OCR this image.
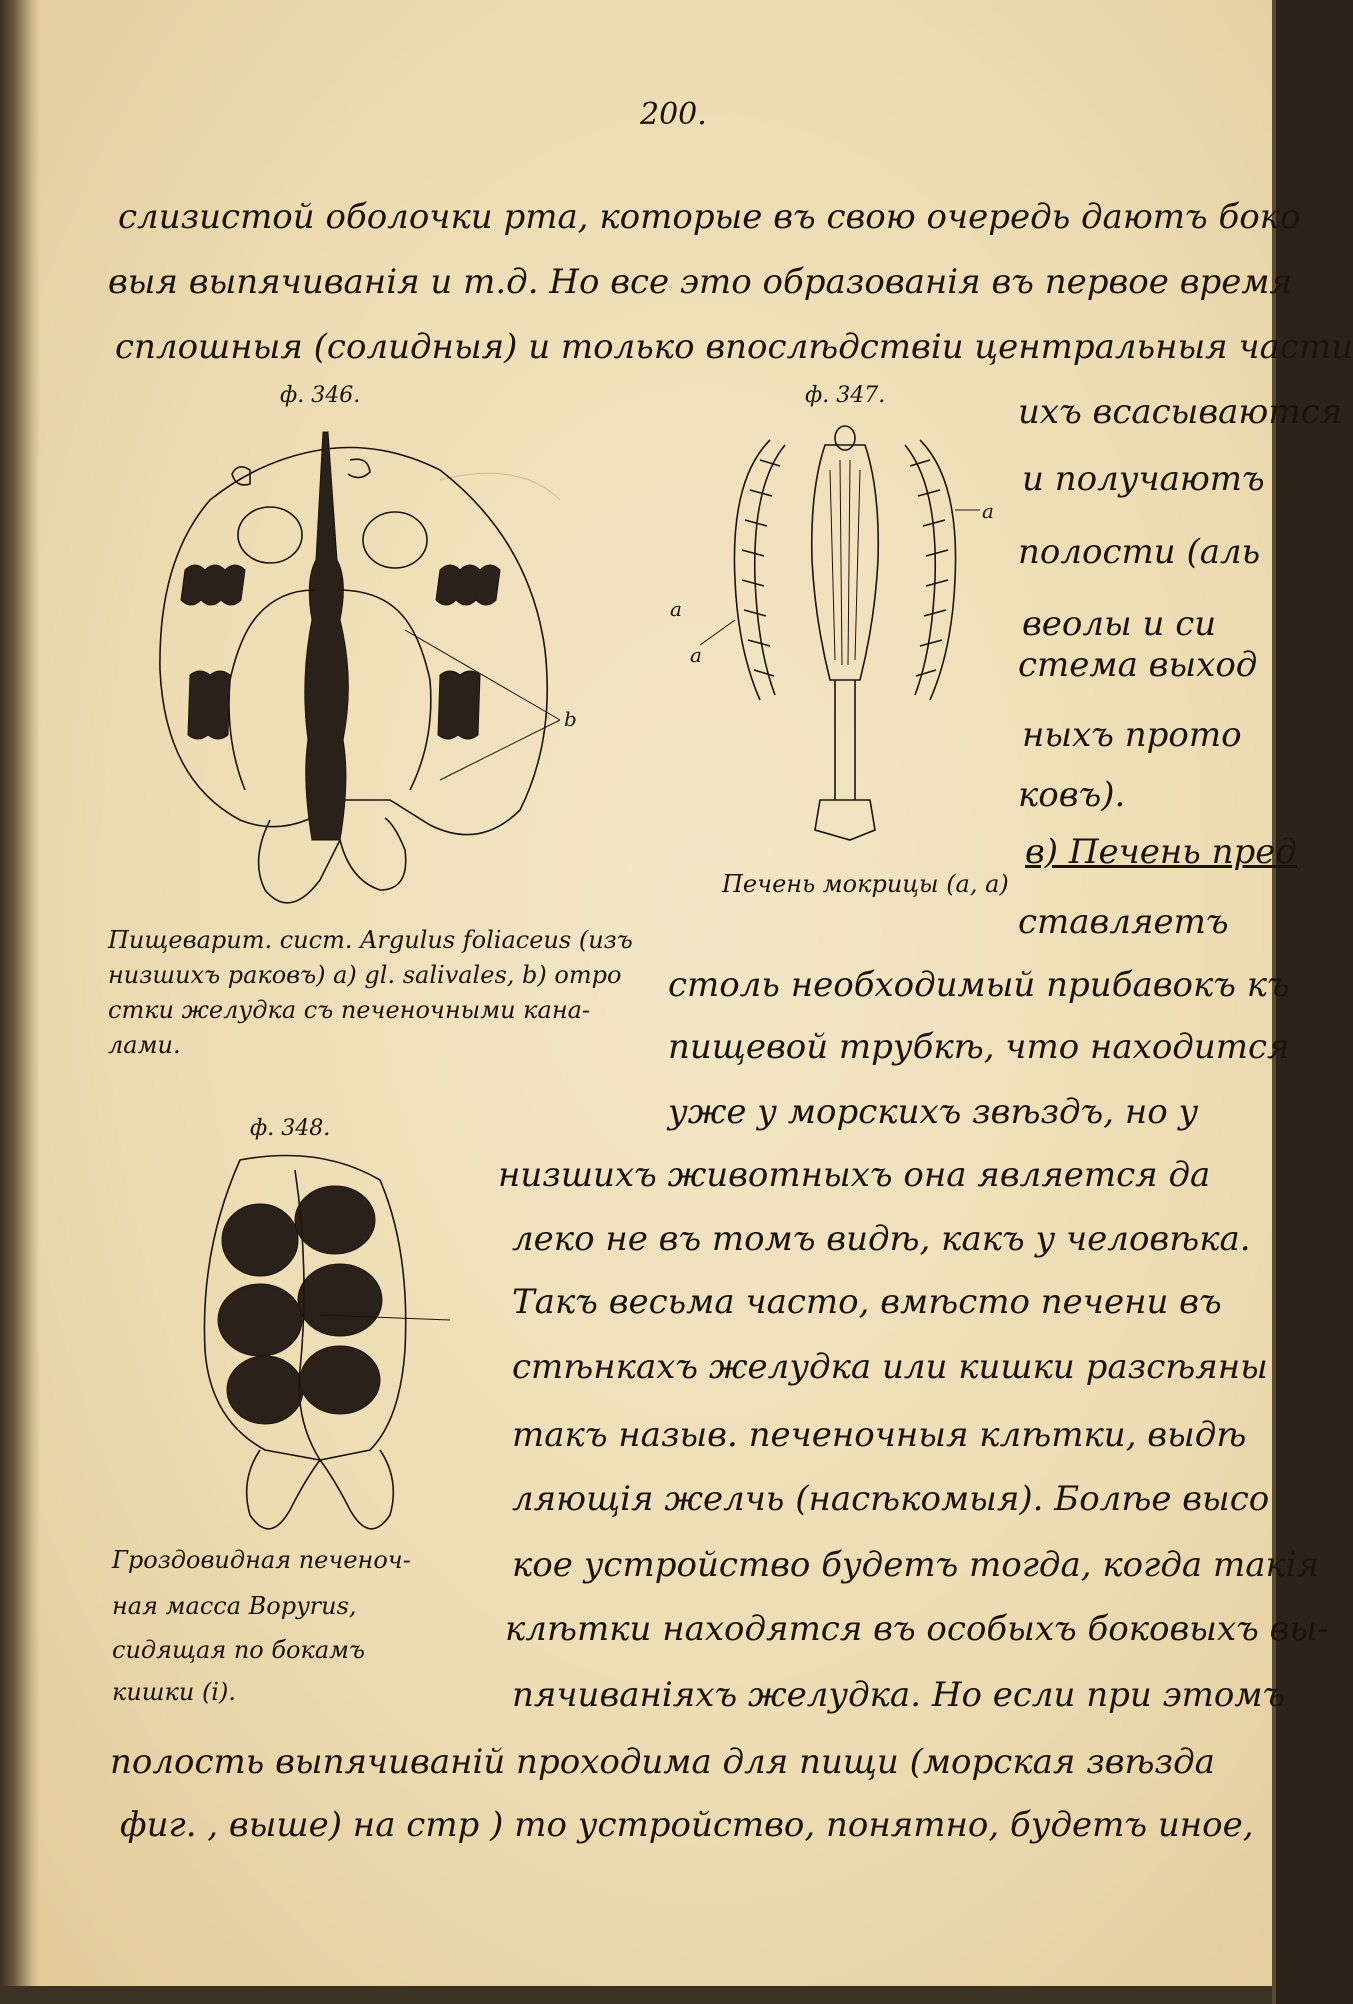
200.
слизистой оболочки рта, которые въ свою очередь даютъ боко
выя выпячиванiя и т.д. Но все это образованiя въ первое время
сплошныя (солидныя) и только впослѣдствiи центральныя части
ф. 346.	ф. 347.	ихъ всасываются
и получаютъ
полости (аль
веолы и си
стема выход
ныхъ прото
ковъ).
в) Печень пред
ставляетъ
Печень мокрицы (a, a)
Пищеварит. сист. Argulus foliaceus (изъ
низшихъ раковъ) а) gl. salivales, b) отро
стки желудка съ печеночными кана-
лами.
столь необходимый прибавокъ къ
пищевой трубкѣ, что находится
уже у морскихъ звѣздъ, но у
ф. 348.
низшихъ животныхъ она является да
леко не въ томъ видѣ, какъ у человѣка.
Такъ весьма часто, вмѣсто печени въ
стѣнкахъ желудка или кишки разсѣяны
такъ назыв. печеночныя клѣтки, выдѣ
ляющiя желчь (насѣкомыя). Болѣе высо
кое устройство будетъ тогда, когда такiя
клѣтки находятся въ особыхъ боковыхъ вы-
пячиванiяхъ желудка. Но если при этомъ
Гроздовидная печеноч-
ная масса Bopyrus,
сидящая по бокамъ
кишки (i).
полость выпячиванiй проходима для пищи (морская звѣзда
фиг. , выше) на стр ) то устройство, понятно, будетъ иное,
b
a
a
a
